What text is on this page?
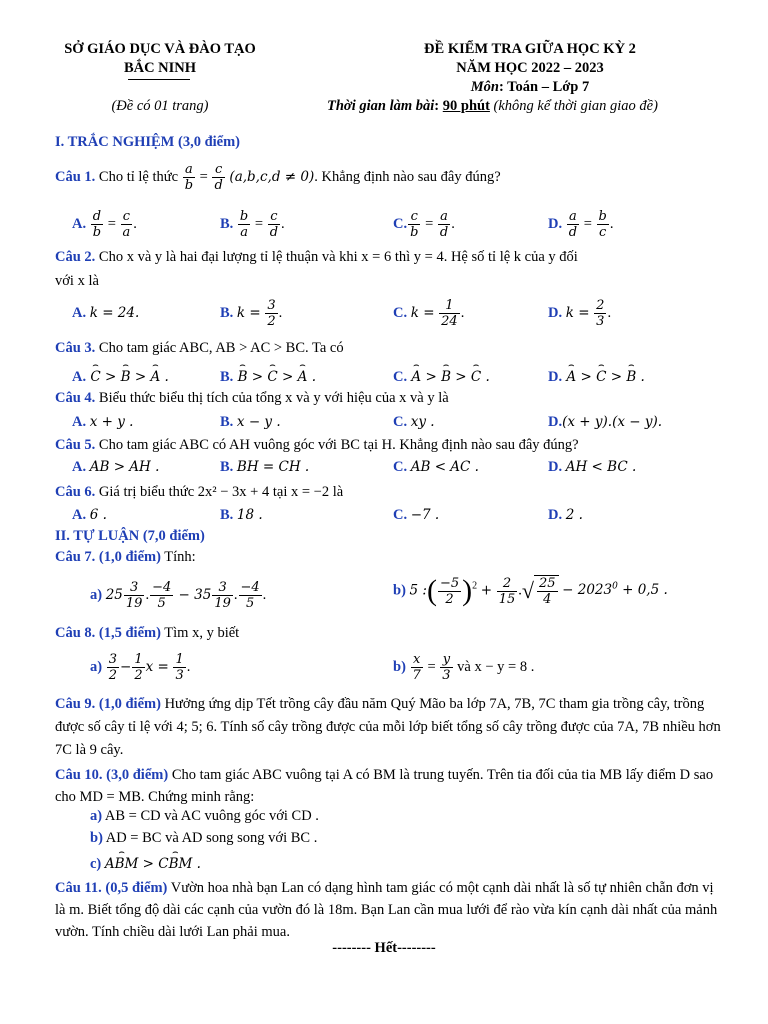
SỞ GIÁO DỤC VÀ ĐÀO TẠO
BẮC NINH
(Đề có 01 trang)
ĐỀ KIỂM TRA GIỮA HỌC KỲ 2
NĂM HỌC 2022 – 2023
Môn: Toán – Lớp 7
Thời gian làm bài: 90 phút (không kể thời gian giao đề)
I. TRẮC NGHIỆM (3,0 điểm)
Câu 1. Cho tỉ lệ thức $\frac{a}{b} = \frac{c}{d} (a,b,c,d \ne 0)$. Khẳng định nào sau đây đúng?
A. $\frac{d}{b} = \frac{c}{a}$ .	B. $\frac{b}{a} = \frac{c}{d}$ .	C. $\frac{c}{b} = \frac{a}{d}$ .	D. $\frac{a}{d} = \frac{b}{c}$ .
Câu 2. Cho x và y là hai đại lượng tỉ lệ thuận và khi x = 6 thì y = 4. Hệ số tỉ lệ k của y đối
với x là
A. k = 24.	B. $k = \frac{3}{2}$ .	C. $k = \frac{1}{24}$ .	D. $k = \frac{2}{3}$ .
Câu 3. Cho tam giác ABC, AB > AC > BC. Ta có
A. ⌢ C > ⌢ B > ⌢ A .	B. ⌢ B > ⌢ C > ⌢ A .	C. ⌢ A > ⌢ B > ⌢ C .	D. ⌢ A > ⌢ C > ⌢ B .
Câu 4. Biểu thức biểu thị tích của tổng x và y với hiệu của x và y là
A. x + y .	B. x − y .	C. xy .	D.(x + y).(x − y).
Câu 5. Cho tam giác ABC có AH vuông góc với BC tại H. Khẳng định nào sau đây đúng?
A. AB > AH .	B. BH = CH .	C. AB < AC .	D. AH < BC .
Câu 6. Giá trị biểu thức 2x² − 3x + 4 tại x = −2 là
A. 6 .	B. 18 .	C. −7 .	D. 2 .
II. TỰ LUẬN (7,0 điểm)
Câu 7. (1,0 điểm) Tính:
a) $25 \frac{3}{19}$ . $\frac{-4}{5} - 35 \frac{3}{19}$ . $\frac{-4}{5}$ .	b) 5 :( $\frac{-5}{2} )^2 + \frac{2}{15}$ .√ $\frac{25}{4} - 2023^0 + 0,5$ .
Câu 8. (1,5 điểm) Tìm x, y biết
$a) \frac{3}{2} - \frac{1}{2}$ $x = \frac{1}{3}$ .	$b) \frac{x}{7} = \frac{y}{3}$ và x − y = 8 .
Câu 9. (1,0 điểm) Hưởng ứng dịp Tết trồng cây đầu năm Quý Mão ba lớp 7A, 7B, 7C tham gia trồng cây, trồng được số cây tỉ lệ với 4; 5; 6. Tính số cây trồng được của mỗi lớp biết tổng số cây trồng được của 7A, 7B nhiều hơn 7C là 9 cây.
Câu 10. (3,0 điểm) Cho tam giác ABC vuông tại A có BM là trung tuyến. Trên tia đối của tia MB lấy điểm D sao cho MD = MB. Chứng minh rằng:
a) AB = CD và AC vuông góc với CD .
b) AD = BC và AD song song với BC .
c) ⌢ ABM > ⌢ CBM .
Câu 11. (0,5 điểm) Vườn hoa nhà bạn Lan có dạng hình tam giác có một cạnh dài nhất là số tự nhiên chẵn đơn vị là m. Biết tổng độ dài các cạnh của vườn đó là 18m. Bạn Lan cần mua lưới để rào vừa kín cạnh dài nhất của mảnh vườn. Tính chiều dài lưới Lan phải mua.
-------- Hết--------
